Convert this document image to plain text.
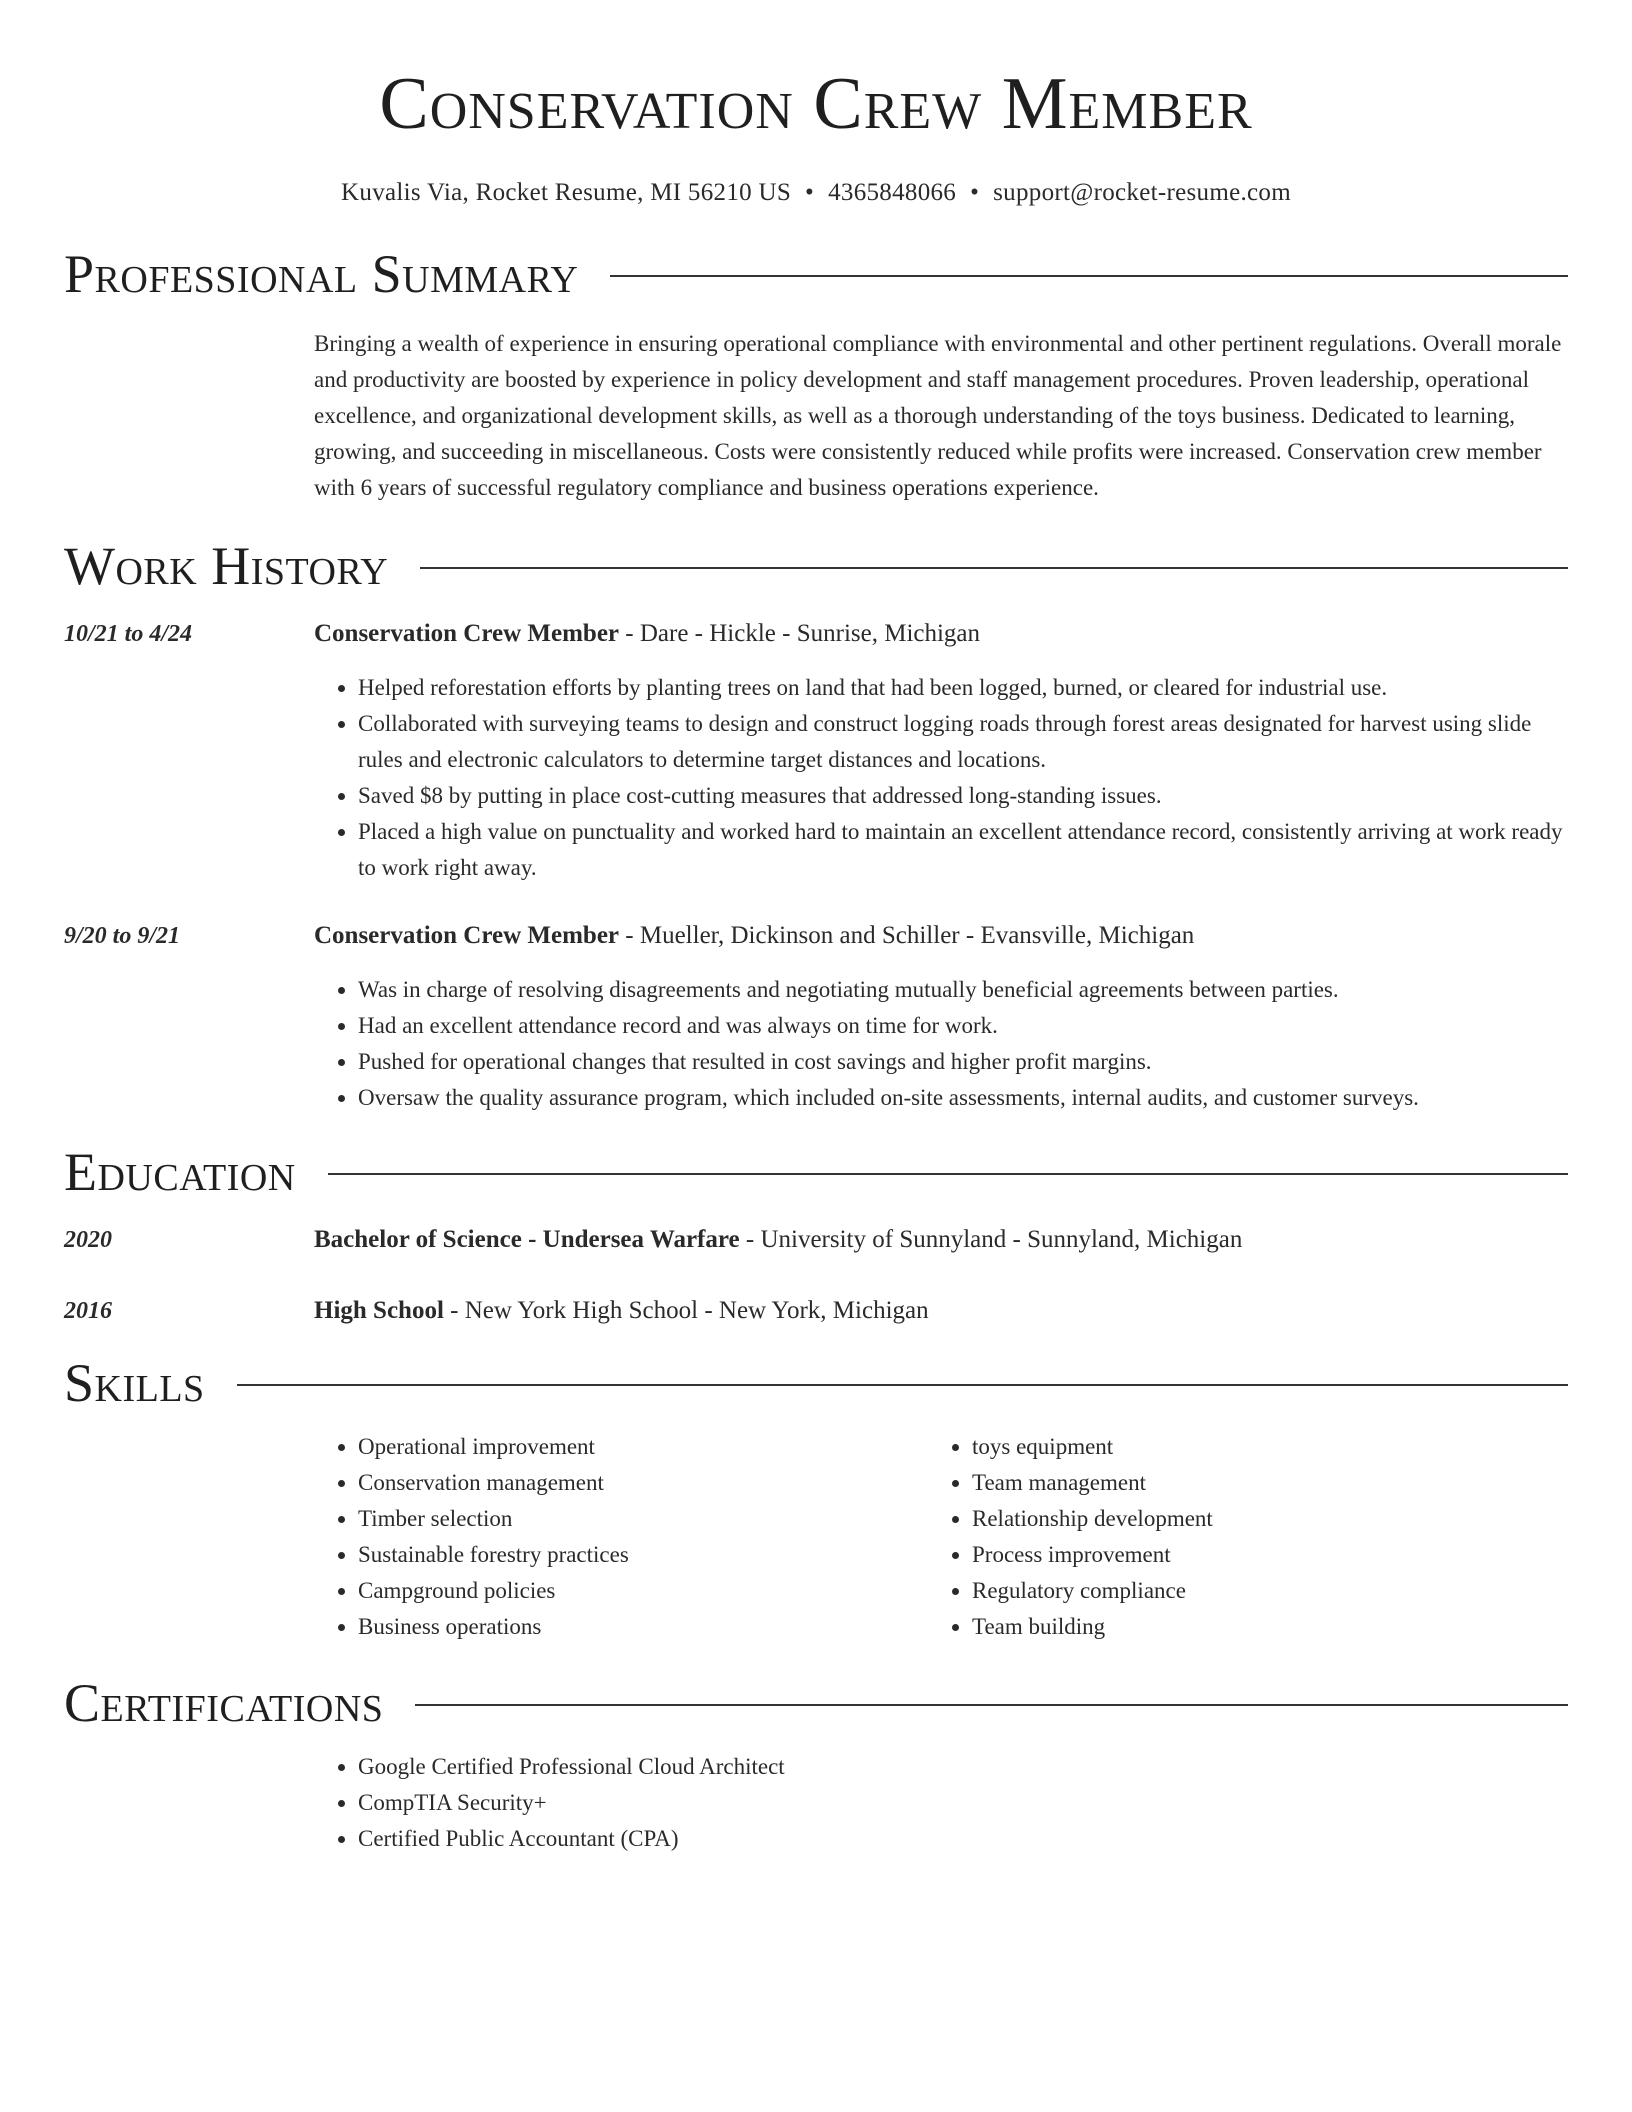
Conservation Crew Member
Kuvalis Via, Rocket Resume, MI 56210 US • 4365848066 • support@rocket-resume.com
Professional Summary
Bringing a wealth of experience in ensuring operational compliance with environmental and other pertinent regulations. Overall morale and productivity are boosted by experience in policy development and staff management procedures. Proven leadership, operational excellence, and organizational development skills, as well as a thorough understanding of the toys business. Dedicated to learning, growing, and succeeding in miscellaneous. Costs were consistently reduced while profits were increased. Conservation crew member with 6 years of successful regulatory compliance and business operations experience.
Work History
10/21 to 4/24	Conservation Crew Member - Dare - Hickle - Sunrise, Michigan
• Helped reforestation efforts by planting trees on land that had been logged, burned, or cleared for industrial use.
• Collaborated with surveying teams to design and construct logging roads through forest areas designated for harvest using slide rules and electronic calculators to determine target distances and locations.
• Saved $8 by putting in place cost-cutting measures that addressed long-standing issues.
• Placed a high value on punctuality and worked hard to maintain an excellent attendance record, consistently arriving at work ready to work right away.
9/20 to 9/21	Conservation Crew Member - Mueller, Dickinson and Schiller - Evansville, Michigan
• Was in charge of resolving disagreements and negotiating mutually beneficial agreements between parties.
• Had an excellent attendance record and was always on time for work.
• Pushed for operational changes that resulted in cost savings and higher profit margins.
• Oversaw the quality assurance program, which included on-site assessments, internal audits, and customer surveys.
Education
2020	Bachelor of Science - Undersea Warfare - University of Sunnyland - Sunnyland, Michigan
2016	High School - New York High School - New York, Michigan
Skills
• Operational improvement
• Conservation management
• Timber selection
• Sustainable forestry practices
• Campground policies
• Business operations
• toys equipment
• Team management
• Relationship development
• Process improvement
• Regulatory compliance
• Team building
Certifications
• Google Certified Professional Cloud Architect
• CompTIA Security+
• Certified Public Accountant (CPA)
